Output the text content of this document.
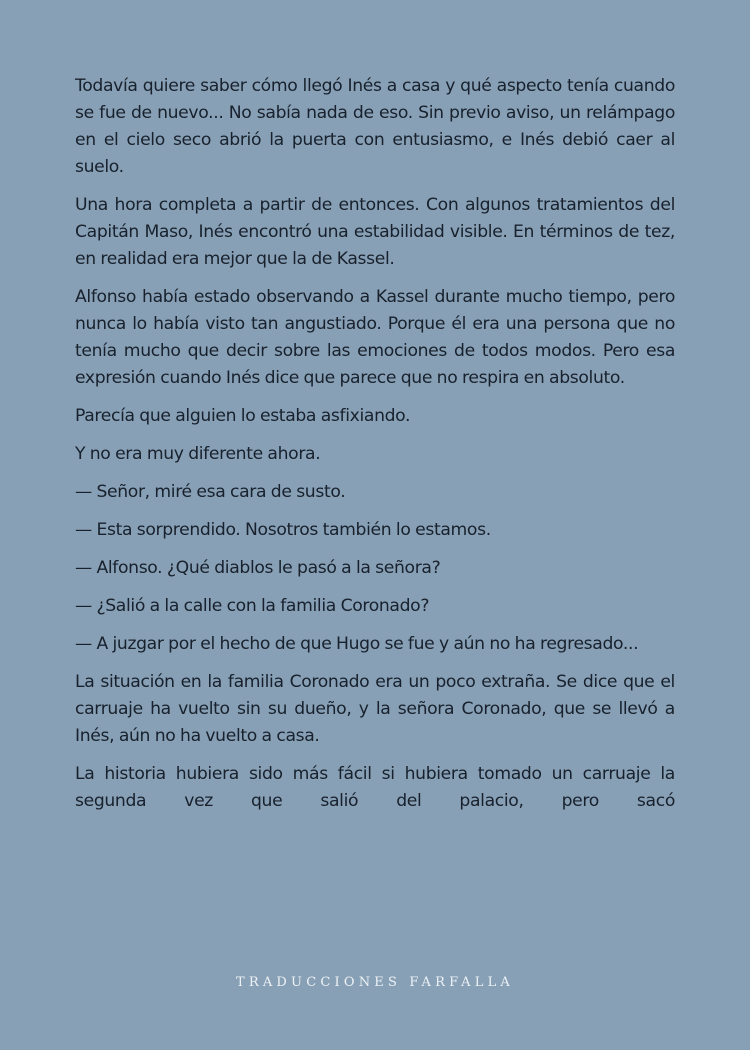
Todavía quiere saber cómo llegó Inés a casa y qué aspecto tenía cuando se fue de nuevo... No sabía nada de eso. Sin previo aviso, un relámpago en el cielo seco abrió la puerta con entusiasmo, e Inés debió caer al suelo.

Una hora completa a partir de entonces. Con algunos tratamientos del Capitán Maso, Inés encontró una estabilidad visible. En términos de tez, en realidad era mejor que la de Kassel.

Alfonso había estado observando a Kassel durante mucho tiempo, pero nunca lo había visto tan angustiado. Porque él era una persona que no tenía mucho que decir sobre las emociones de todos modos. Pero esa expresión cuando Inés dice que parece que no respira en absoluto.

Parecía que alguien lo estaba asfixiando.

Y no era muy diferente ahora.

— Señor, miré esa cara de susto.

— Esta sorprendido. Nosotros también lo estamos.

— Alfonso. ¿Qué diablos le pasó a la señora?

— ¿Salió a la calle con la familia Coronado?

— A juzgar por el hecho de que Hugo se fue y aún no ha regresado...

La situación en la familia Coronado era un poco extraña. Se dice que el carruaje ha vuelto sin su dueño, y la señora Coronado, que se llevó a Inés, aún no ha vuelto a casa.

La historia hubiera sido más fácil si hubiera tomado un carruaje la segunda vez que salió del palacio, pero sacó

TRADUCCIONES FARFALLA
